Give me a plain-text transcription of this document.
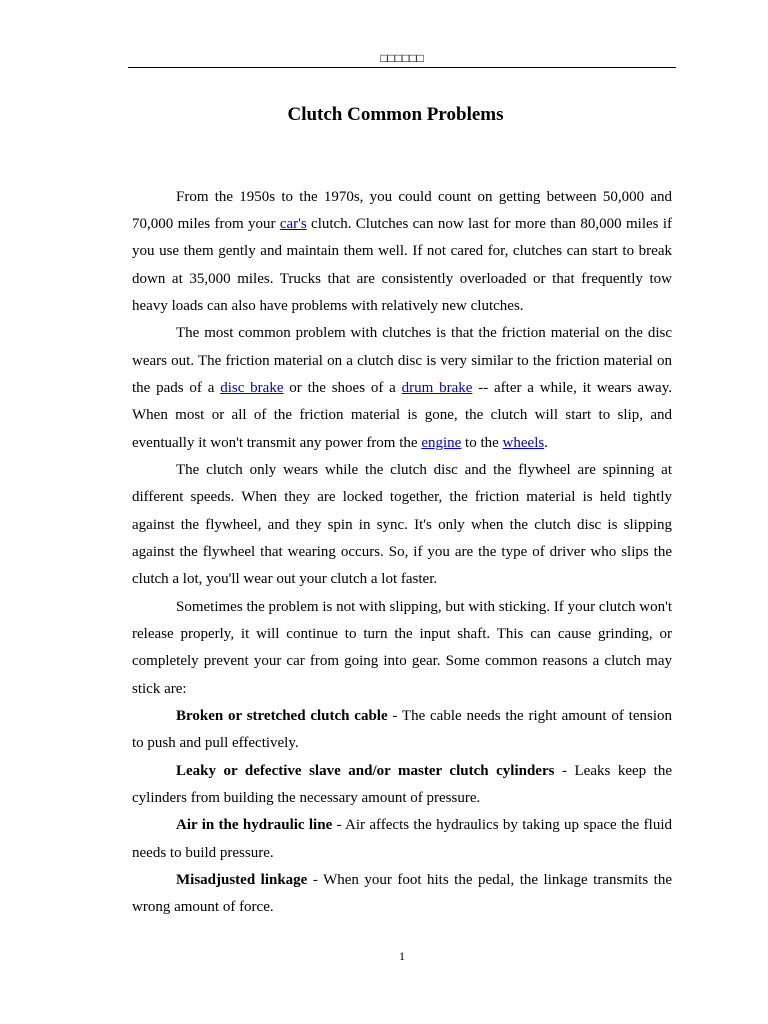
□□□□□□
Clutch Common Problems

From the 1950s to the 1970s, you could count on getting between 50,000 and 70,000 miles from your car's clutch. Clutches can now last for more than 80,000 miles if you use them gently and maintain them well. If not cared for, clutches can start to break down at 35,000 miles. Trucks that are consistently overloaded or that frequently tow heavy loads can also have problems with relatively new clutches.

The most common problem with clutches is that the friction material on the disc wears out. The friction material on a clutch disc is very similar to the friction material on the pads of a disc brake or the shoes of a drum brake -- after a while, it wears away. When most or all of the friction material is gone, the clutch will start to slip, and eventually it won't transmit any power from the engine to the wheels.

The clutch only wears while the clutch disc and the flywheel are spinning at different speeds. When they are locked together, the friction material is held tightly against the flywheel, and they spin in sync. It's only when the clutch disc is slipping against the flywheel that wearing occurs. So, if you are the type of driver who slips the clutch a lot, you'll wear out your clutch a lot faster.

Sometimes the problem is not with slipping, but with sticking. If your clutch won't release properly, it will continue to turn the input shaft. This can cause grinding, or completely prevent your car from going into gear. Some common reasons a clutch may stick are:

Broken or stretched clutch cable - The cable needs the right amount of tension to push and pull effectively.

Leaky or defective slave and/or master clutch cylinders - Leaks keep the cylinders from building the necessary amount of pressure.

Air in the hydraulic line - Air affects the hydraulics by taking up space the fluid needs to build pressure.

Misadjusted linkage - When your foot hits the pedal, the linkage transmits the wrong amount of force.

1
